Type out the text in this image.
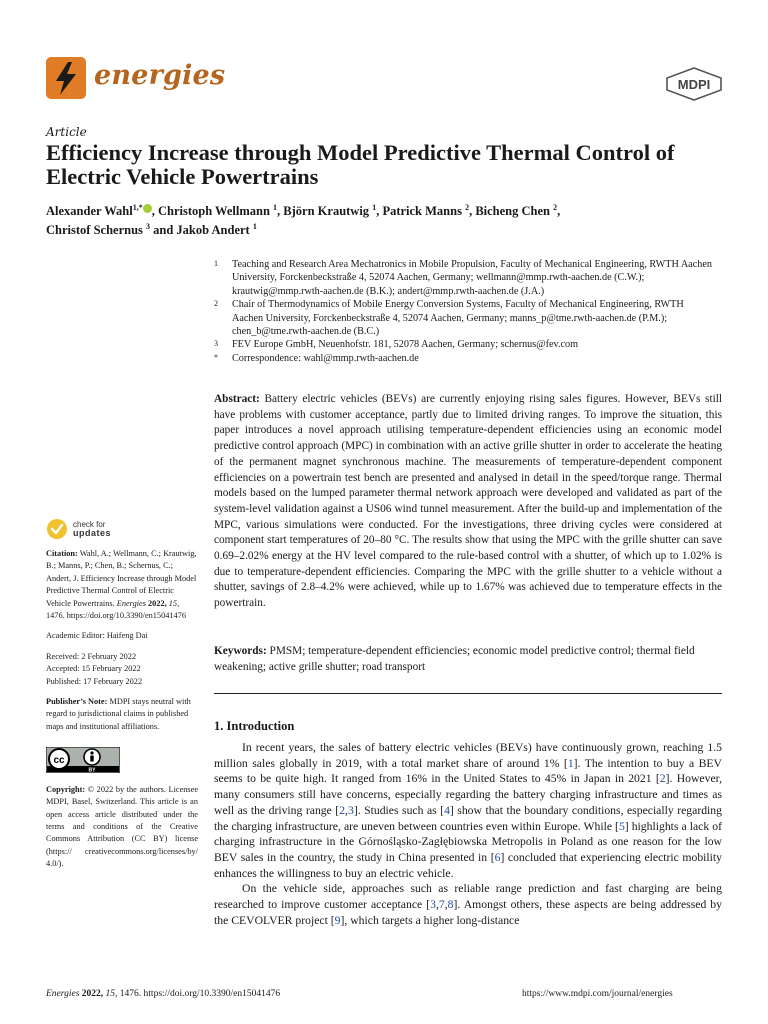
energies	MDPI
Article
Efficiency Increase through Model Predictive Thermal Control of Electric Vehicle Powertrains
Alexander Wahl$^{1,*}$ , Christoph Wellmann $^1$, Björn Krautwig $^1$, Patrick Manns $^2$, Bicheng Chen $^2$,
Christof Schernus $^3$ and Jakob Andert $^1$

1 Teaching and Research Area Mechatronics in Mobile Propulsion, Faculty of Mechanical Engineering, RWTH Aachen University, Forckenbeckstraße 4, 52074 Aachen, Germany; wellmann@mmp.rwth-aachen.de (C.W.); krautwig@mmp.rwth-aachen.de (B.K.); andert@mmp.rwth-aachen.de (J.A.)

2 Chair of Thermodynamics of Mobile Energy Conversion Systems, Faculty of Mechanical Engineering, RWTH Aachen University, Forckenbeckstraße 4, 52074 Aachen, Germany; manns_p@tme.rwth-aachen.de (P.M.); chen_b@tme.rwth-aachen.de (B.C.)

3 FEV Europe GmbH, Neuenhofstr. 181, 52078 Aachen, Germany; schernus@fev.com

* Correspondence: wahl@mmp.rwth-aachen.de

Abstract: Battery electric vehicles (BEVs) are currently enjoying rising sales figures. However, BEVs still have problems with customer acceptance, partly due to limited driving ranges. To improve the situation, this paper introduces a novel approach utilising temperature-dependent efficiencies using an economic model predictive control approach (MPC) in combination with an active grille shutter in order to accelerate the heating of the permanent magnet synchronous machine. The measurements of temperature-dependent component efficiencies on a powertrain test bench are presented and analysed in detail in the speed/torque range. Thermal models based on the lumped parameter thermal network approach were developed and validated as part of the system-level validation against a US06 wind tunnel measurement. After the build-up and implementation of the MPC, various simulations were conducted. For the investigations, three driving cycles were considered at component start temperatures of 20–80 °C. The results show that using the MPC with the grille shutter can save 0.69–2.02% energy at the HV level compared to the rule-based control with a shutter, of which up to 1.02% is due to temperature-dependent efficiencies. Comparing the MPC with the grille shutter to a vehicle without a shutter, savings of 2.8–4.2% were achieved, while up to 1.67% was achieved due to temperature effects in the powertrain.

Keywords: PMSM; temperature-dependent efficiencies; economic model predictive control; thermal field weakening; active grille shutter; road transport

1. Introduction

In recent years, the sales of battery electric vehicles (BEVs) have continuously grown, reaching 1.5 million sales globally in 2019, with a total market share of around 1% [1]. The intention to buy a BEV seems to be quite high. It ranged from 16% in the United States to 45% in Japan in 2021 [2]. However, many consumers still have concerns, especially regarding the battery charging infrastructure and times as well as the driving range [2,3]. Studies such as [4] show that the boundary conditions, especially regarding the charging infrastructure, are uneven between countries even within Europe. While [5] highlights a lack of charging infrastructure in the Górnośląsko-Zagłębiowska Metropolis in Poland as one reason for the low BEV sales in the country, the study in China presented in [6] concluded that experiencing electric mobility enhances the willingness to buy an electric vehicle.

On the vehicle side, approaches such as reliable range prediction and fast charging are being researched to improve customer acceptance [3,7,8]. Amongst others, these aspects are being addressed by the CEVOLVER project [9], which targets a higher long-distance

check for
updates

Citation: Wahl, A.; Wellmann, C.; Krautwig, B.; Manns, P.; Chen, B.; Schernus, C.; Andert, J. Efficiency Increase through Model Predictive Thermal Control of Electric Vehicle Powertrains. Energies 2022, 15, 1476. https://doi.org/10.3390/en15041476

Academic Editor: Haifeng Dai

Received: 2 February 2022
Accepted: 15 February 2022
Published: 17 February 2022

Publisher’s Note: MDPI stays neutral with regard to jurisdictional claims in published maps and institutional affiliations.

cc
BY

Copyright: © 2022 by the authors. Licensee MDPI, Basel, Switzerland. This article is an open access article distributed under the terms and conditions of the Creative Commons Attribution (CC BY) license (https:// creativecommons.org/licenses/by/ 4.0/).

Energies 2022, 15, 1476. https://doi.org/10.3390/en15041476	https://www.mdpi.com/journal/energies
